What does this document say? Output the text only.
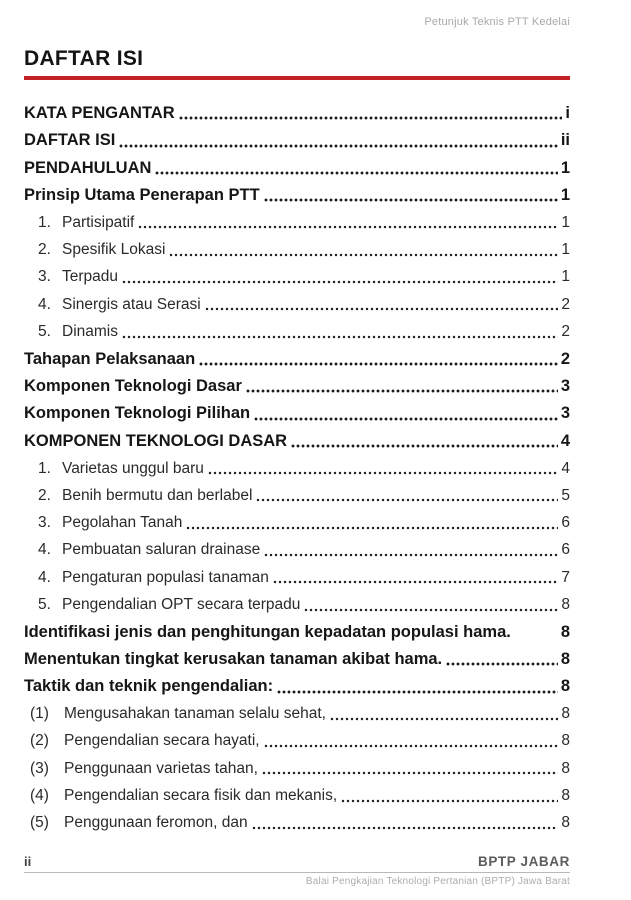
Petunjuk Teknis PTT Kedelai
DAFTAR ISI
KATA PENGANTAR	i
DAFTAR ISI	ii
PENDAHULUAN	1
Prinsip Utama Penerapan PTT	1
1. Partisipatif	1
2. Spesifik Lokasi	1
3. Terpadu	1
4. Sinergis atau Serasi	2
5. Dinamis	2
Tahapan Pelaksanaan	2
Komponen Teknologi Dasar	3
Komponen Teknologi Pilihan	3
KOMPONEN TEKNOLOGI DASAR	4
1. Varietas unggul baru	4
2. Benih bermutu dan berlabel	5
3. Pegolahan Tanah	6
4. Pembuatan saluran drainase	6
4. Pengaturan populasi tanaman	7
5. Pengendalian OPT secara terpadu	8
Identifikasi jenis dan penghitungan kepadatan populasi hama.	8
Menentukan tingkat kerusakan tanaman akibat hama.	8
Taktik dan teknik pengendalian:	8
(1) Mengusahakan tanaman selalu sehat,	8
(2) Pengendalian secara hayati,	8
(3) Penggunaan varietas tahan,	8
(4) Pengendalian secara fisik dan mekanis,	8
(5) Penggunaan feromon, dan	8
ii	BPTP JABAR
Balai Pengkajian Teknologi Pertanian (BPTP) Jawa Barat
